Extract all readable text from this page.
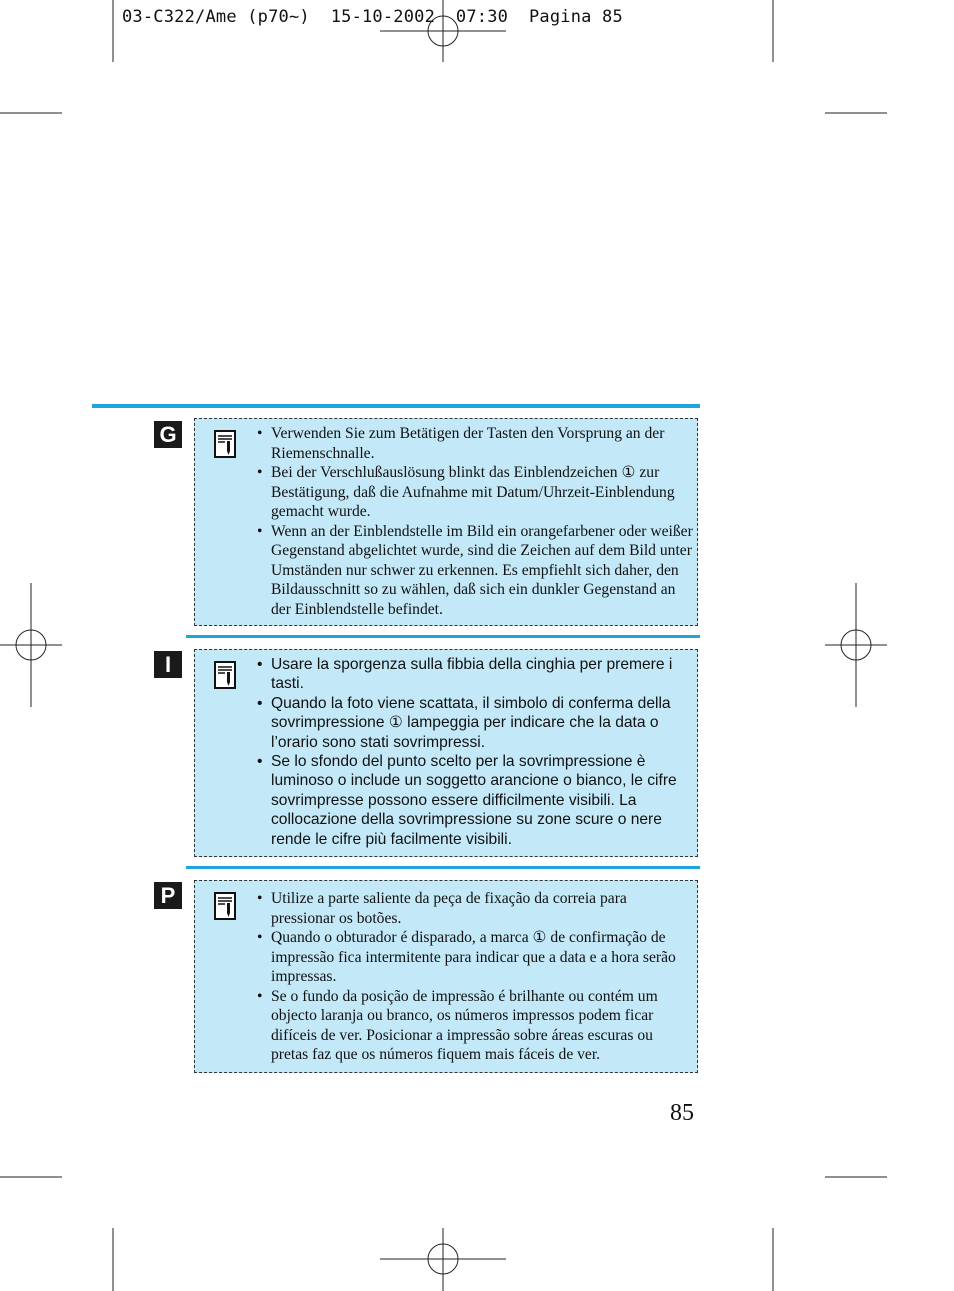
03-C322/Ame (p70~)  15-10-2002  07:30  Pagina 85
G
I
P
• Verwenden Sie zum Betätigen der Tasten den Vorsprung an der Riemenschnalle.
• Bei der Verschlußauslösung blinkt das Einblendzeichen ① zur Bestätigung, daß die Aufnahme mit Datum/Uhrzeit-Einblendung gemacht wurde.
• Wenn an der Einblendstelle im Bild ein orangefarbener oder weißer Gegenstand abgelichtet wurde, sind die Zeichen auf dem Bild unter Umständen nur schwer zu erkennen. Es empfiehlt sich daher, den Bildausschnitt so zu wählen, daß sich ein dunkler Gegenstand an der Einblendstelle befindet.
• Usare la sporgenza sulla fibbia della cinghia per premere i tasti.
• Quando la foto viene scattata, il simbolo di conferma della sovrimpressione ① lampeggia per indicare che la data o l’orario sono stati sovrimpressi.
• Se lo sfondo del punto scelto per la sovrimpressione è luminoso o include un soggetto arancione o bianco, le cifre sovrimpresse possono essere difficilmente visibili. La collocazione della sovrimpressione su zone scure o nere rende le cifre più facilmente visibili.
• Utilize a parte saliente da peça de fixação da correia para pressionar os botões.
• Quando o obturador é disparado, a marca ① de confirmação de impressão fica intermitente para indicar que a data e a hora serão impressas.
• Se o fundo da posição de impressão é brilhante ou contém um objecto laranja ou branco, os números impressos podem ficar difíceis de ver. Posicionar a impressão sobre áreas escuras ou pretas faz que os números fiquem mais fáceis de ver.
85
